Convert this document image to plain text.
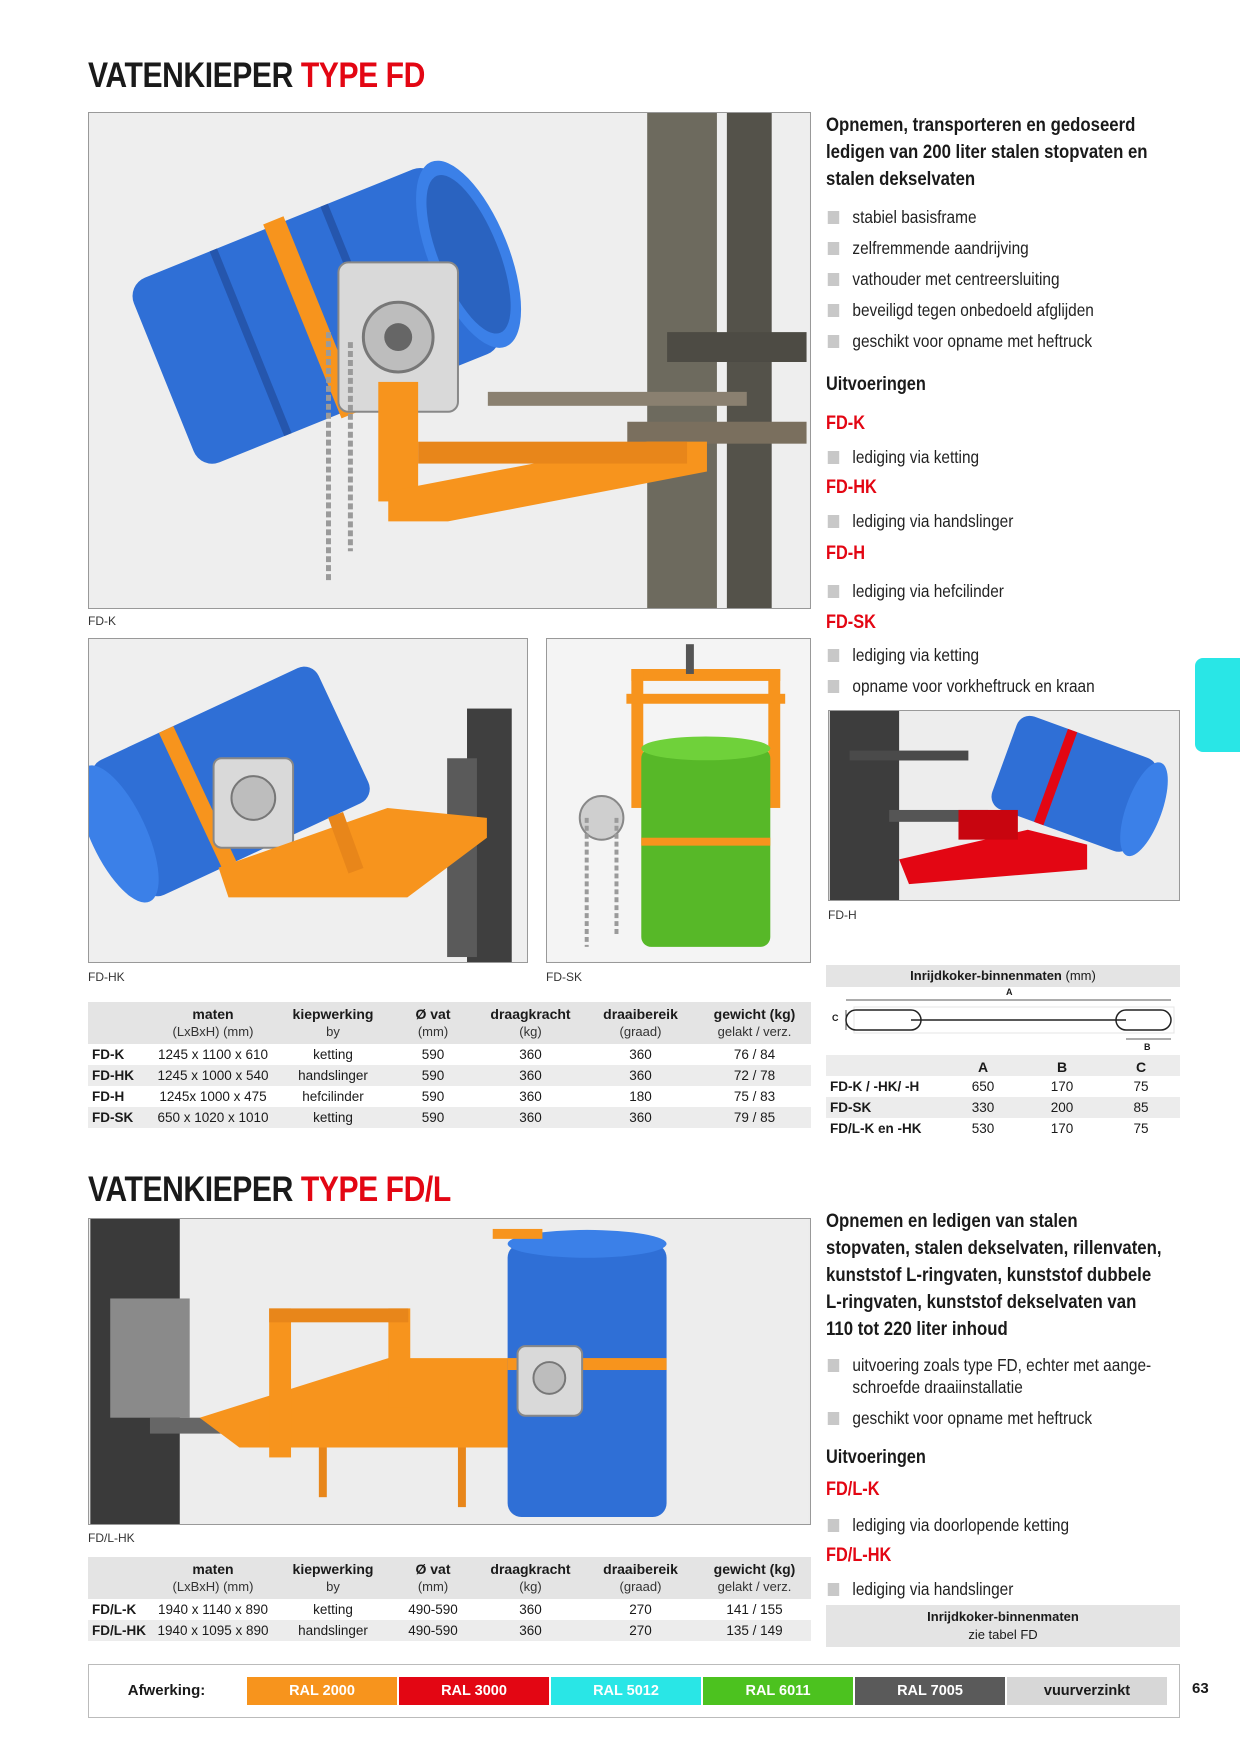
VATENKIEPER TYPE FD
FD-K
FD-HK	FD-SK
Opnemen, transporteren en gedoseerd ledigen van 200 liter stalen stopvaten en stalen dekselvaten
stabiel basisframe
zelfremmende aandrijving
vathouder met centreersluiting
beveiligd tegen onbedoeld afglijden
geschikt voor opname met heftruck
Uitvoeringen
FD-K
lediging via ketting
FD-HK
lediging via handslinger
FD-H
lediging via hefcilinder
FD-SK
lediging via ketting
opname voor vorkheftruck en kraan
FD-H
	maten	kiepwerking	Ø vat	draagkracht	draaibereik	gewicht (kg)
	(LxBxH) (mm)	by	(mm)	(kg)	(graad)	gelakt / verz.
FD-K	1245 x 1100 x 610	ketting	590	360	360	76 / 84
FD-HK	1245 x 1000 x 540	handslinger	590	360	360	72 / 78
FD-H	1245x 1000 x 475	hefcilinder	590	360	180	75 / 83
FD-SK	650 x 1020 x 1010	ketting	590	360	360	79 / 85
Inrijdkoker-binnenmaten (mm)
A
B
C
	A	B	C
FD-K / -HK/ -H	650	170	75
FD-SK	330	200	85
FD/L-K en -HK	530	170	75
VATENKIEPER TYPE FD/L
FD/L-HK
Opnemen en ledigen van stalen stopvaten, stalen dekselvaten, rillenvaten, kunststof L-ringvaten, kunststof dubbele L-ringvaten, kunststof dekselvaten van 110 tot 220 liter inhoud
uitvoering zoals type FD, echter met aange-schroefde draaiinstallatie
geschikt voor opname met heftruck
Uitvoeringen
FD/L-K
lediging via doorlopende ketting
FD/L-HK
lediging via handslinger
Inrijdkoker-binnenmaten
zie tabel FD
	maten	kiepwerking	Ø vat	draagkracht	draaibereik	gewicht (kg)
	(LxBxH) (mm)	by	(mm)	(kg)	(graad)	gelakt / verz.
FD/L-K	1940 x 1140 x 890	ketting	490-590	360	270	141 / 155
FD/L-HK	1940 x 1095 x 890	handslinger	490-590	360	270	135 / 149
Afwerking:	RAL 2000	RAL 3000	RAL 5012	RAL 6011	RAL 7005	vuurverzinkt	63
